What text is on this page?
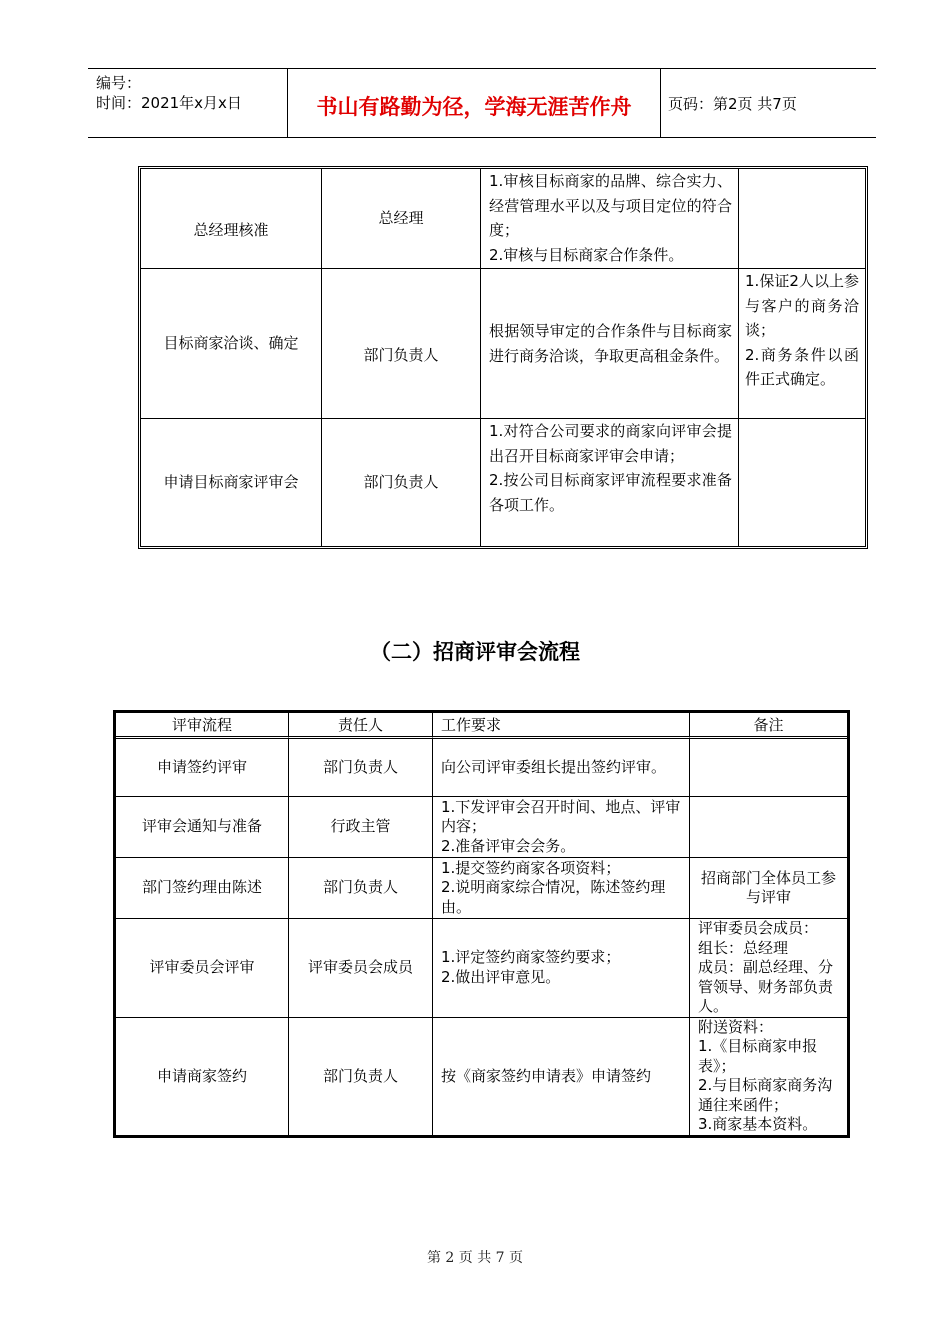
编号：
时间：2021年x月x日	书山有路勤为径，学海无涯苦作舟	页码：第2页 共7页
总经理核准	总经理	1.审核目标商家的品牌、综合实力、经营管理水平以及与项目定位的符合度；
2.审核与目标商家合作条件。	
目标商家洽谈、确定	部门负责人	根据领导审定的合作条件与目标商家进行商务洽谈，争取更高租金条件。	1.保证2人以上参与客户的商务洽谈；
2.商务条件以函件正式确定。
申请目标商家评审会	部门负责人	1.对符合公司要求的商家向评审会提出召开目标商家评审会申请；
2.按公司目标商家评审流程要求准备各项工作。	
（二）招商评审会流程
评审流程	责任人	工作要求	备注
申请签约评审	部门负责人	向公司评审委组长提出签约评审。	
评审会通知与准备	行政主管	1.下发评审会召开时间、地点、评审内容；
2.准备评审会会务。	
部门签约理由陈述	部门负责人	1.提交签约商家各项资料；
2.说明商家综合情况，陈述签约理由。	招商部门全体员工参与评审
评审委员会评审	评审委员会成员	1.评定签约商家签约要求；
2.做出评审意见。	评审委员会成员：
组长：总经理
成员：副总经理、分管领导、财务部负责人。
申请商家签约	部门负责人	按《商家签约申请表》申请签约	附送资料：
1.《目标商家申报表》；
2.与目标商家商务沟通往来函件；
3.商家基本资料。
第 2 页 共 7 页
